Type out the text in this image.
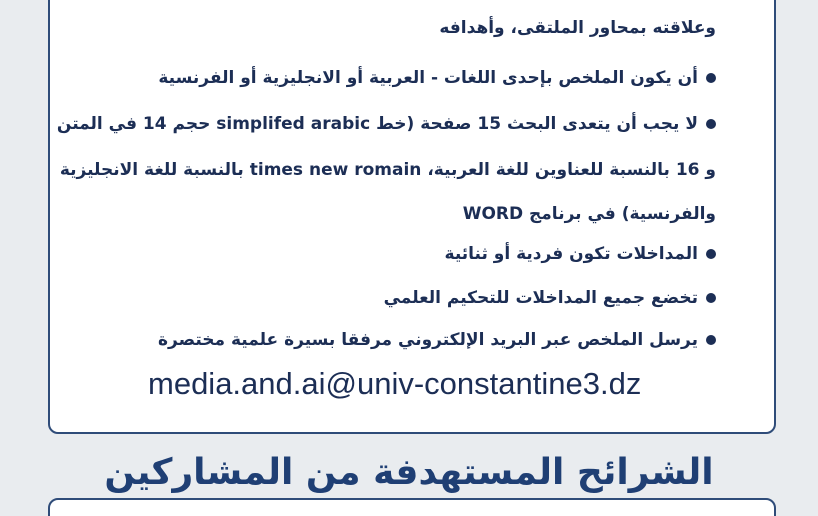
وعلاقته بمحاور الملتقى، وأهدافه
أن يكون الملخص بإحدى اللغات - العربية أو الانجليزية أو الفرنسية
لا يجب أن يتعدى البحث 15 صفحة (خط simplifed arabic حجم 14 في المتن
و 16 بالنسبة للعناوين للغة العربية، times new romain بالنسبة للغة الانجليزية
والفرنسية) في برنامج WORD
المداخلات تكون فردية أو ثنائية
تخضع جميع المداخلات للتحكيم العلمي
يرسل الملخص عبر البريد الإلكتروني مرفقا بسيرة علمية مختصرة
media.and.ai@univ-constantine3.dz
الشرائح المستهدفة من المشاركين
